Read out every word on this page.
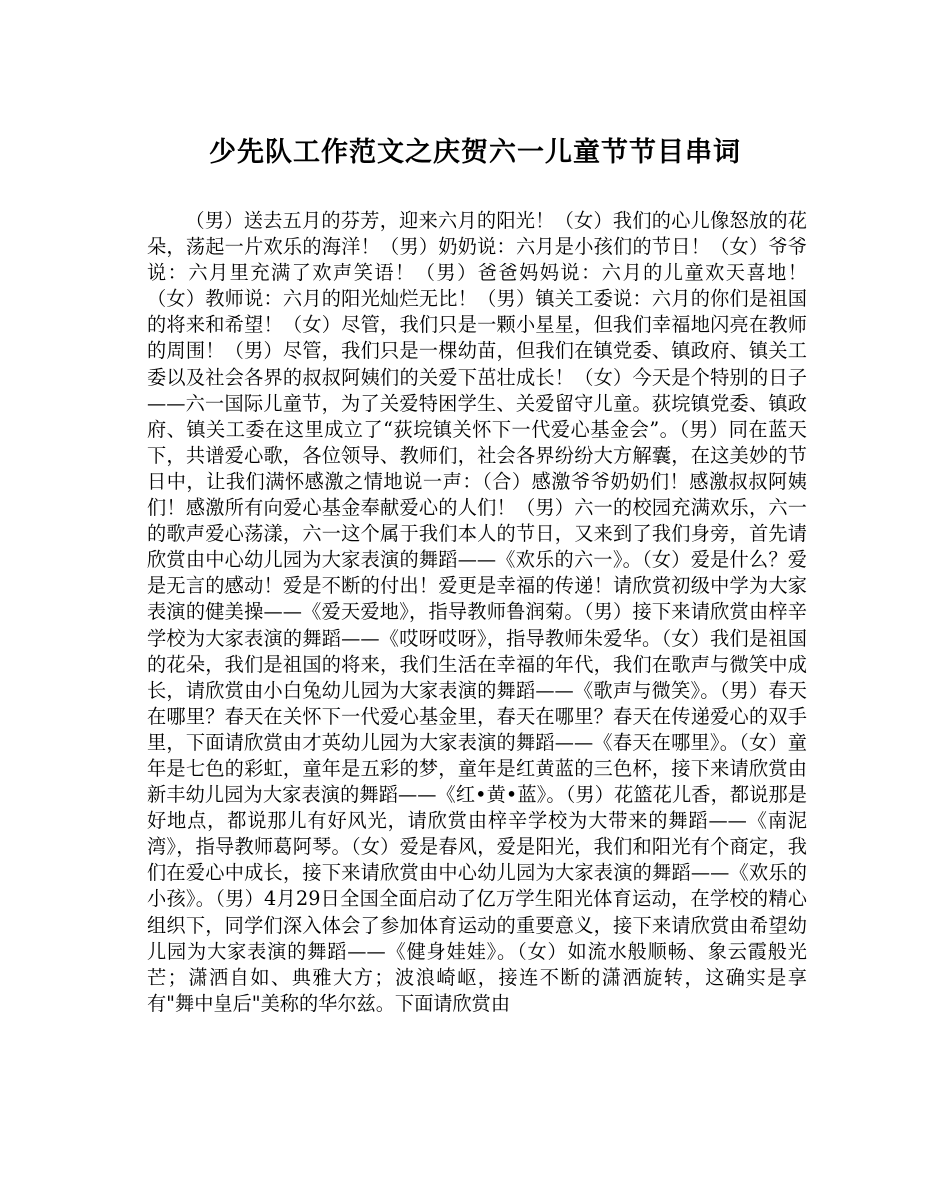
少先队工作范文之庆贺六一儿童节节目串词

（男）送去五月的芬芳，迎来六月的阳光！（女）我们的心儿像怒放的花朵，荡起一片欢乐的海洋！（男）奶奶说：六月是小孩们的节日！（女）爷爷说：六月里充满了欢声笑语！（男）爸爸妈妈说：六月的儿童欢天喜地！（女）教师说：六月的阳光灿烂无比！（男）镇关工委说：六月的你们是祖国的将来和希望！（女）尽管，我们只是一颗小星星，但我们幸福地闪亮在教师的周围！（男）尽管，我们只是一棵幼苗，但我们在镇党委、镇政府、镇关工委以及社会各界的叔叔阿姨们的关爱下茁壮成长！（女）今天是个特别的日子——六一国际儿童节，为了关爱特困学生、关爱留守儿童。荻垸镇党委、镇政府、镇关工委在这里成立了“荻垸镇关怀下一代爱心基金会”。（男）同在蓝天下，共谱爱心歌，各位领导、教师们，社会各界纷纷大方解囊，在这美妙的节日中，让我们满怀感激之情地说一声：（合）感激爷爷奶奶们！感激叔叔阿姨们！感激所有向爱心基金奉献爱心的人们！（男）六一的校园充满欢乐，六一的歌声爱心荡漾，六一这个属于我们本人的节日，又来到了我们身旁，首先请欣赏由中心幼儿园为大家表演的舞蹈——《欢乐的六一》。（女）爱是什么？爱是无言的感动！爱是不断的付出！爱更是幸福的传递！请欣赏初级中学为大家表演的健美操——《爱天爱地》，指导教师鲁润菊。（男）接下来请欣赏由梓辛学校为大家表演的舞蹈——《哎呀哎呀》，指导教师朱爱华。（女）我们是祖国的花朵，我们是祖国的将来，我们生活在幸福的年代，我们在歌声与微笑中成长，请欣赏由小白兔幼儿园为大家表演的舞蹈——《歌声与微笑》。（男）春天在哪里？春天在关怀下一代爱心基金里，春天在哪里？春天在传递爱心的双手里，下面请欣赏由才英幼儿园为大家表演的舞蹈——《春天在哪里》。（女）童年是七色的彩虹，童年是五彩的梦，童年是红黄蓝的三色杯，接下来请欣赏由新丰幼儿园为大家表演的舞蹈——《红•黄•蓝》。（男）花篮花儿香，都说那是好地点，都说那儿有好风光，请欣赏由梓辛学校为大带来的舞蹈——《南泥湾》，指导教师葛阿琴。（女）爱是春风，爱是阳光，我们和阳光有个商定，我们在爱心中成长，接下来请欣赏由中心幼儿园为大家表演的舞蹈——《欢乐的小孩》。（男）4月29日全国全面启动了亿万学生阳光体育运动，在学校的精心组织下，同学们深入体会了参加体育运动的重要意义，接下来请欣赏由希望幼儿园为大家表演的舞蹈——《健身娃娃》。（女）如流水般顺畅、象云霞般光芒；潇洒自如、典雅大方；波浪崎岖，接连不断的潇洒旋转，这确实是享有"舞中皇后"美称的华尔兹。下面请欣赏由
